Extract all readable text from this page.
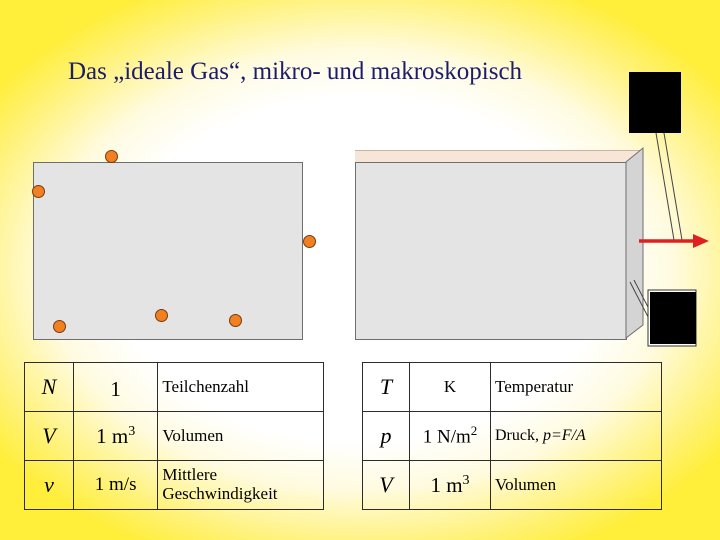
Das „ideale Gas“, mikro- und makroskopisch
N	1	Teilchenzahl
V	1 $m^3$	Volumen
v	1 m/s	Mittlere Geschwindigkeit
T	K	Temperatur
p	1 $N/m^2$	Druck, p=F/A
V	1 $m^3$	Volumen
